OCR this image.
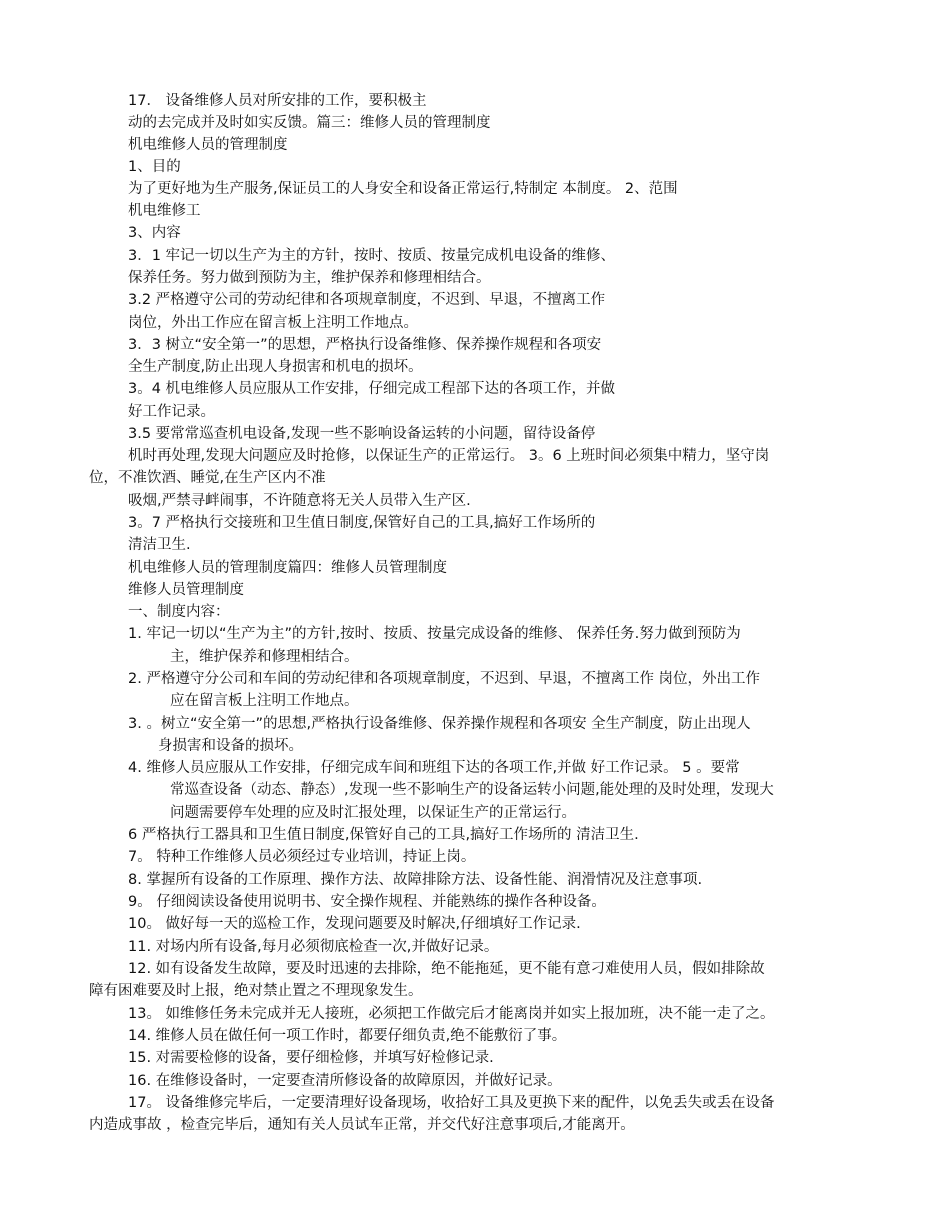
17． 设备维修人员对所安排的工作，要积极主
动的去完成并及时如实反馈。篇三：维修人员的管理制度
机电维修人员的管理制度
1、目的
为了更好地为生产服务,保证员工的人身安全和设备正常运行,特制定 本制度。 2、范围
机电维修工
3、内容
3．1 牢记一切以生产为主的方针，按时、按质、按量完成机电设备的维修、
保养任务。努力做到预防为主，维护保养和修理相结合。
3.2 严格遵守公司的劳动纪律和各项规章制度，不迟到、早退，不擅离工作
岗位，外出工作应在留言板上注明工作地点。
3．3 树立“安全第一”的思想，严格执行设备维修、保养操作规程和各项安
全生产制度,防止出现人身损害和机电的损坏。
3。4 机电维修人员应服从工作安排，仔细完成工程部下达的各项工作，并做
好工作记录。
3.5 要常常巡查机电设备,发现一些不影响设备运转的小问题，留待设备停
机时再处理,发现大问题应及时抢修，以保证生产的正常运行。 3。6 上班时间必须集中精力，坚守岗
位，不准饮酒、睡觉,在生产区内不准
吸烟,严禁寻衅闹事，不许随意将无关人员带入生产区.
3。7 严格执行交接班和卫生值日制度,保管好自己的工具,搞好工作场所的
清洁卫生.
机电维修人员的管理制度篇四：维修人员管理制度
维修人员管理制度
一、制度内容：
1. 牢记一切以“生产为主”的方针,按时、按质、按量完成设备的维修、 保养任务.努力做到预防为
主，维护保养和修理相结合。
2. 严格遵守分公司和车间的劳动纪律和各项规章制度，不迟到、早退，不擅离工作 岗位，外出工作
应在留言板上注明工作地点。
3. 。树立“安全第一”的思想,严格执行设备维修、保养操作规程和各项安 全生产制度，防止出现人
身损害和设备的损坏。
4. 维修人员应服从工作安排，仔细完成车间和班组下达的各项工作,并做 好工作记录。 5 。要常
常巡查设备（动态、静态）,发现一些不影响生产的设备运转小问题,能处理的及时处理，发现大
问题需要停车处理的应及时汇报处理，以保证生产的正常运行。
6 严格执行工器具和卫生值日制度,保管好自己的工具,搞好工作场所的 清洁卫生.
7。 特种工作维修人员必须经过专业培训，持证上岗。
8. 掌握所有设备的工作原理、操作方法、故障排除方法、设备性能、润滑情况及注意事项.
9。 仔细阅读设备使用说明书、安全操作规程、并能熟练的操作各种设备。
10。 做好每一天的巡检工作，发现问题要及时解决,仔细填好工作记录.
11. 对场内所有设备,每月必须彻底检查一次,并做好记录。
12. 如有设备发生故障，要及时迅速的去排除，绝不能拖延，更不能有意刁难使用人员，假如排除故
障有困难要及时上报，绝对禁止置之不理现象发生。
13。 如维修任务未完成并无人接班，必须把工作做完后才能离岗并如实上报加班，决不能一走了之。
14. 维修人员在做任何一项工作时，都要仔细负责,绝不能敷衍了事。
15. 对需要检修的设备，要仔细检修，并填写好检修记录.
16. 在维修设备时，一定要查清所修设备的故障原因，并做好记录。
17。 设备维修完毕后，一定要清理好设备现场，收拾好工具及更换下来的配件，以免丢失或丢在设备
内造成事故 ，检查完毕后，通知有关人员试车正常，并交代好注意事项后,才能离开。
